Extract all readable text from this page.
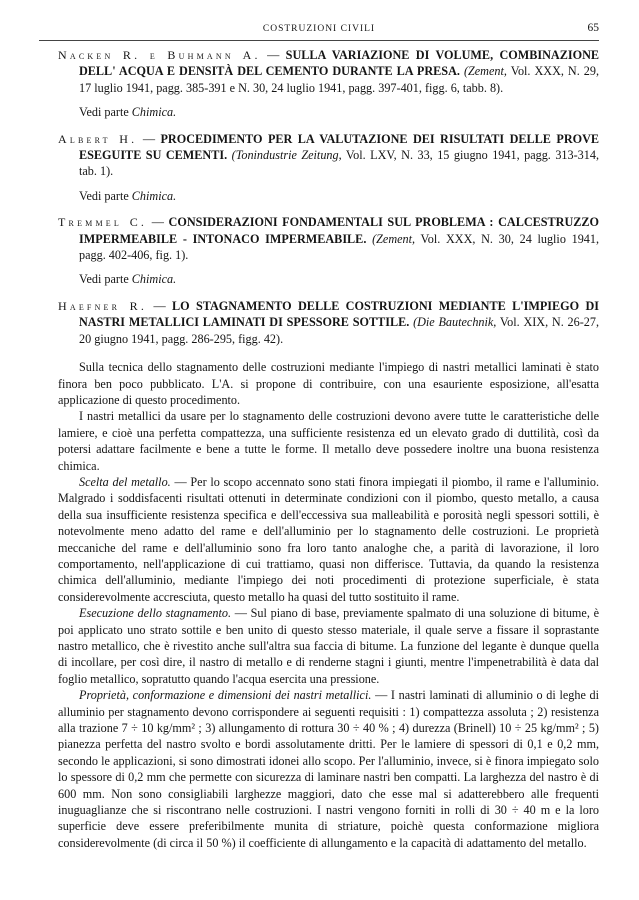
COSTRUZIONI CIVILI	65

Nacken R. e Buhmann A. — SULLA VARIAZIONE DI VOLUME, COMBINAZIONE DELL' ACQUA E DENSITÀ DEL CEMENTO DURANTE LA PRESA. (Zement, Vol. XXX, N. 29, 17 luglio 1941, pagg. 385-391 e N. 30, 24 luglio 1941, pagg. 397-401, figg. 6, tabb. 8).

Vedi parte Chimica.

Albert H. — PROCEDIMENTO PER LA VALUTAZIONE DEI RISULTATI DELLE PROVE ESEGUITE SU CEMENTI. (Tonindustrie Zeitung, Vol. LXV, N. 33, 15 giugno 1941, pagg. 313-314, tab. 1).

Vedi parte Chimica.

Tremmel C. — CONSIDERAZIONI FONDAMENTALI SUL PROBLEMA : CALCESTRUZZO IMPERMEABILE - INTONACO IMPERMEABILE. (Zement, Vol. XXX, N. 30, 24 luglio 1941, pagg. 402-406, fig. 1).

Vedi parte Chimica.

Haefner R. — LO STAGNAMENTO DELLE COSTRUZIONI MEDIANTE L'IMPIEGO DI NASTRI METALLICI LAMINATI DI SPESSORE SOTTILE. (Die Bautechnik, Vol. XIX, N. 26-27, 20 giugno 1941, pagg. 286-295, figg. 42).

Sulla tecnica dello stagnamento delle costruzioni mediante l'impiego di nastri metallici laminati è stato finora ben poco pubblicato. L'A. si propone di contribuire, con una esauriente esposizione, all'esatta applicazione di questo procedimento.

I nastri metallici da usare per lo stagnamento delle costruzioni devono avere tutte le caratteristiche delle lamiere, e cioè una perfetta compattezza, una sufficiente resistenza ed un elevato grado di duttilità, così da potersi adattare facilmente e bene a tutte le forme. Il metallo deve possedere inoltre una buona resistenza chimica.

Scelta del metallo. — Per lo scopo accennato sono stati finora impiegati il piombo, il rame e l'alluminio. Malgrado i soddisfacenti risultati ottenuti in determinate condizioni con il piombo, questo metallo, a causa della sua insufficiente resistenza specifica e dell'eccessiva sua malleabilità e porosità negli spessori sottili, è notevolmente meno adatto del rame e dell'alluminio per lo stagnamento delle costruzioni. Le proprietà meccaniche del rame e dell'alluminio sono fra loro tanto analoghe che, a parità di lavorazione, il loro comportamento, nell'applicazione di cui trattiamo, quasi non differisce. Tuttavia, da quando la resistenza chimica dell'alluminio, mediante l'impiego dei noti procedimenti di protezione superficiale, è stata considerevolmente accresciuta, questo metallo ha quasi del tutto sostituito il rame.

Esecuzione dello stagnamento. — Sul piano di base, previamente spalmato di una soluzione di bitume, è poi applicato uno strato sottile e ben unito di questo stesso materiale, il quale serve a fissare il soprastante nastro metallico, che è rivestito anche sull'altra sua faccia di bitume. La funzione del legante è dunque quella di incollare, per così dire, il nastro di metallo e di renderne stagni i giunti, mentre l'impenetrabilità è data dal foglio metallico, sopratutto quando l'acqua esercita una pressione.

Proprietà, conformazione e dimensioni dei nastri metallici. — I nastri laminati di alluminio o di leghe di alluminio per stagnamento devono corrispondere ai seguenti requisiti : 1) compattezza assoluta ; 2) resistenza alla trazione 7 ÷ 10 kg/mm² ; 3) allungamento di rottura 30 ÷ 40 % ; 4) durezza (Brinell) 10 ÷ 25 kg/mm² ; 5) pianezza perfetta del nastro svolto e bordi assolutamente dritti. Per le lamiere di spessori di 0,1 e 0,2 mm, secondo le applicazioni, si sono dimostrati idonei allo scopo. Per l'alluminio, invece, si è finora impiegato solo lo spessore di 0,2 mm che permette con sicurezza di laminare nastri ben compatti. La larghezza del nastro è di 600 mm. Non sono consigliabili larghezze maggiori, dato che esse mal si adatterebbero alle frequenti inuguaglianze che si riscontrano nelle costruzioni. I nastri vengono forniti in rolli di 30 ÷ 40 m e la loro superficie deve essere preferibilmente munita di striature, poichè questa conformazione migliora considerevolmente (di circa il 50 %) il coefficiente di allungamento e la capacità di adattamento del metallo.
